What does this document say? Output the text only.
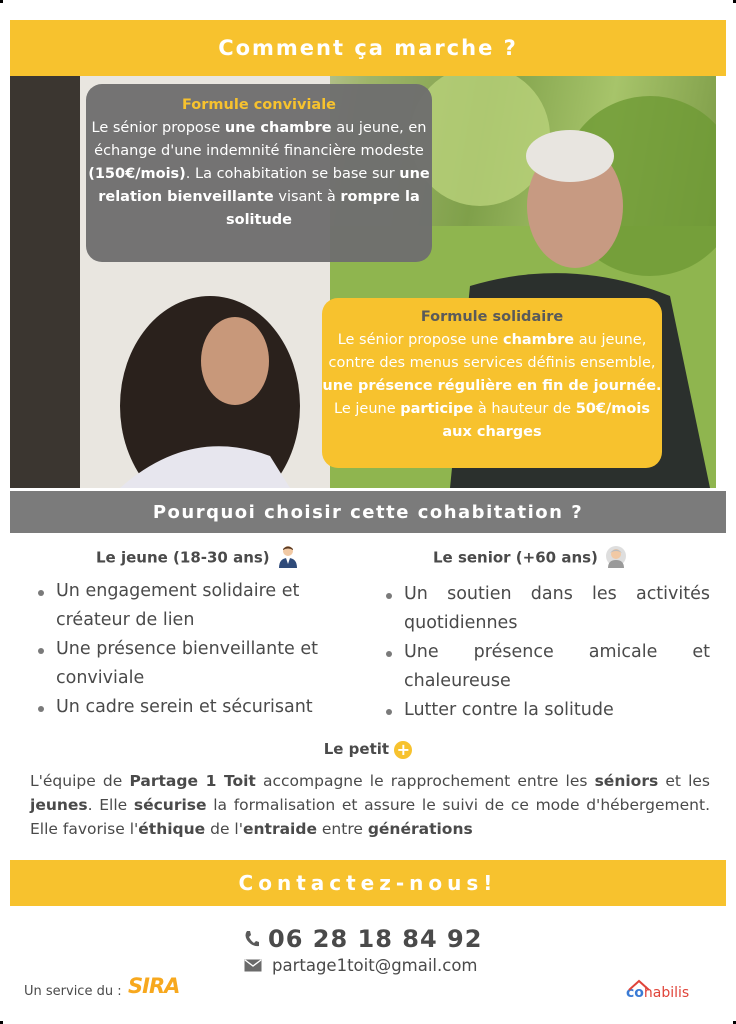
Comment ça marche ?
Formule conviviale
Le sénior propose une chambre au jeune, en échange d'une indemnité financière modeste (150€/mois). La cohabitation se base sur une relation bienveillante visant à rompre la solitude
Formule solidaire
Le sénior propose une chambre au jeune, contre des menus services définis ensemble, une présence régulière en fin de journée. Le jeune participe à hauteur de 50€/mois aux charges
Pourquoi choisir cette cohabitation ?
Le jeune (18-30 ans)	Le senior (+60 ans)
Un engagement solidaire et créateur de lien
Une présence bienveillante et conviviale
Un cadre serein et sécurisant
Un soutien dans les activités quotidiennes
Une présence amicale et chaleureuse
Lutter contre la solitude
Le petit +
L'équipe de Partage 1 Toit accompagne le rapprochement entre les séniors et les jeunes. Elle sécurise la formalisation et assure le suivi de ce mode d'hébergement. Elle favorise l'éthique de l'entraide entre générations
Contactez-nous!
06 28 18 84 92
partage1toit@gmail.com
Un service du : SIRA	cohabilis
